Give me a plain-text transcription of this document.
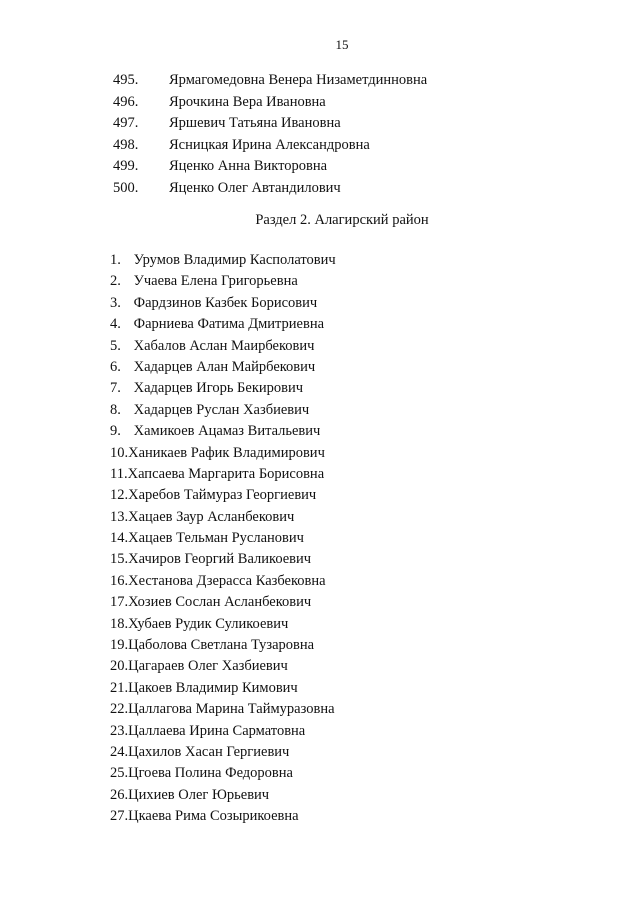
15
495. Ярмагомедовна Венера Низаметдинновна
496. Ярочкина Вера Ивановна
497. Яршевич Татьяна Ивановна
498. Ясницкая Ирина Александровна
499. Яценко Анна Викторовна
500. Яценко Олег Автандилович
Раздел 2. Алагирский район
1. Урумов Владимир Касполатович
2. Учаева Елена Григорьевна
3. Фардзинов Казбек Борисович
4. Фарниева Фатима Дмитриевна
5. Хабалов Аслан Маирбекович
6. Хадарцев Алан Майрбекович
7. Хадарцев Игорь Бекирович
8. Хадарцев Руслан Хазбиевич
9. Хамикоев Ацамаз Витальевич
10.Ханикаев Рафик Владимирович
11.Хапсаева Маргарита Борисовна
12.Харебов Таймураз Георгиевич
13.Хацаев Заур Асланбекович
14.Хацаев Тельман Русланович
15.Хачиров Георгий Валикоевич
16.Хестанова Дзерасса Казбековна
17.Хозиев Сослан Асланбекович
18.Хубаев Рудик Суликоевич
19.Цаболова Светлана Тузаровна
20.Цагараев Олег Хазбиевич
21.Цакоев Владимир Кимович
22.Цаллагова Марина Таймуразовна
23.Цаллаева Ирина Сарматовна
24.Цахилов Хасан Гергиевич
25.Цгоева Полина Федоровна
26.Цихиев Олег Юрьевич
27.Цкаева Рима Созырикоевна
